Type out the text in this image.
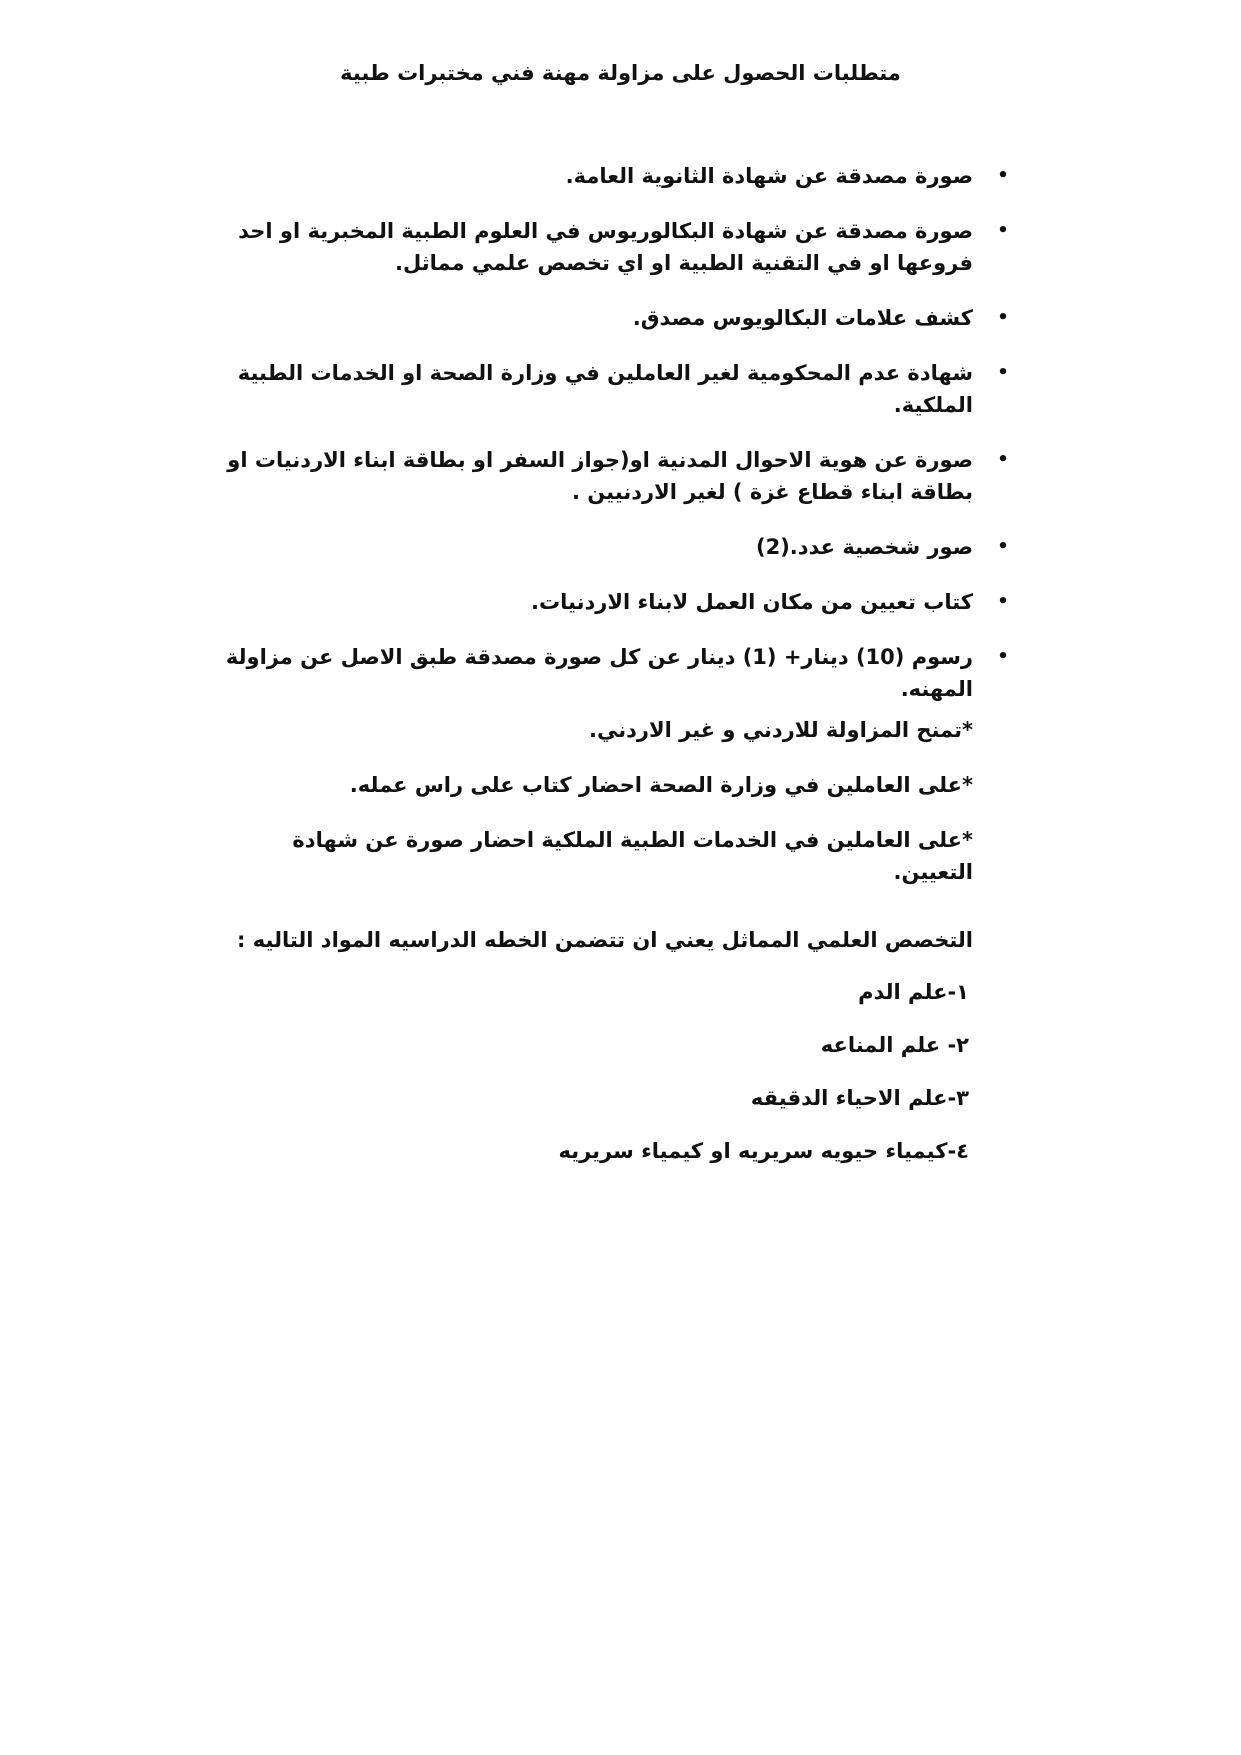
متطلبات الحصول على مزاولة مهنة فني مختبرات طبية
•
صورة مصدقة عن شهادة الثانوية العامة.
•
صورة مصدقة عن شهادة البكالوريوس في العلوم الطبية المخبرية او احد فروعها او في التقنية الطبية او اي تخصص علمي مماثل.
•
كشف علامات البكالويوس مصدق.
•
شهادة عدم المحكومية لغير العاملين في وزارة الصحة او الخدمات الطبية الملكية.
•
صورة عن هوية الاحوال المدنية او(جواز السفر او بطاقة ابناء الاردنيات او بطاقة ابناء قطاع غزة ) لغير الاردنيين .
•
صور شخصية عدد.(2)
•
كتاب تعيين من مكان العمل لابناء الاردنيات.
•
رسوم (10) دينار+ (1) دينار عن كل صورة مصدقة طبق الاصل عن مزاولة المهنه.
*تمنح المزاولة للاردني و غير الاردني.
*على العاملين في وزارة الصحة احضار كتاب على راس عمله.
*على العاملين في الخدمات الطبية الملكية احضار صورة عن شهادة التعيين.
التخصص العلمي المماثل يعني ان تتضمن الخطه الدراسيه المواد التاليه :
١-علم الدم
٢- علم المناعه
٣-علم الاحياء الدقيقه
٤-كيمياء حيويه سريريه او كيمياء سريريه
